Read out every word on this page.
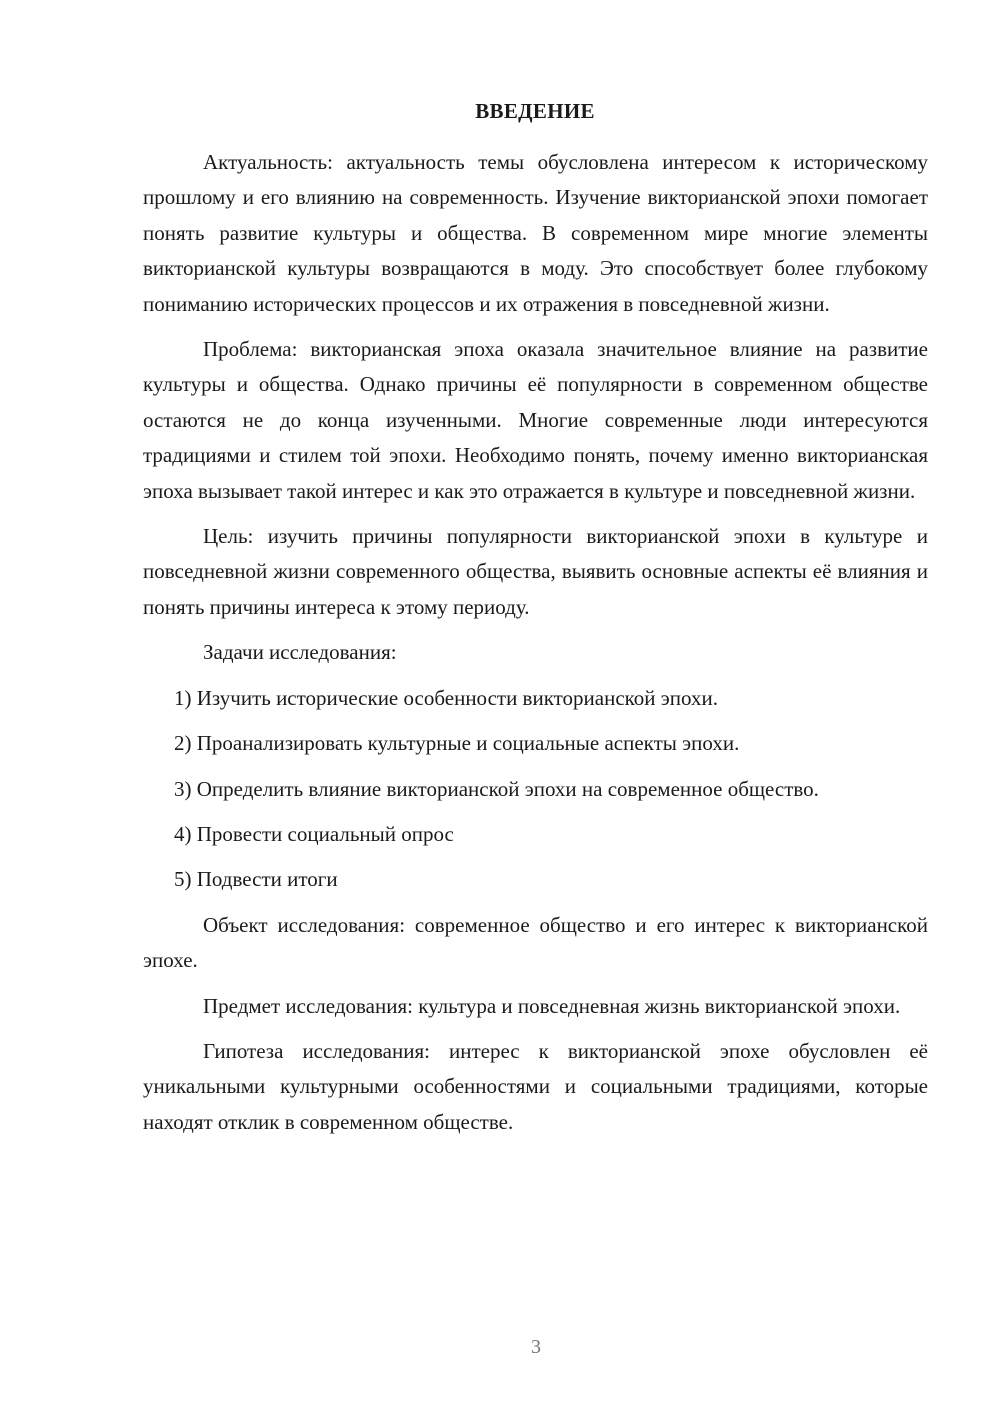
ВВЕДЕНИЕ

Актуальность: актуальность темы обусловлена интересом к историческому прошлому и его влиянию на современность. Изучение викторианской эпохи помогает понять развитие культуры и общества. В современном мире многие элементы викторианской культуры возвращаются в моду. Это способствует более глубокому пониманию исторических процессов и их отражения в повседневной жизни.

Проблема: викторианская эпоха оказала значительное влияние на развитие культуры и общества. Однако причины её популярности в современном обществе остаются не до конца изученными. Многие современные люди интересуются традициями и стилем той эпохи. Необходимо понять, почему именно викторианская эпоха вызывает такой интерес и как это отражается в культуре и повседневной жизни.

Цель: изучить причины популярности викторианской эпохи в культуре и повседневной жизни современного общества, выявить основные аспекты её влияния и понять причины интереса к этому периоду.

Задачи исследования:

1) Изучить исторические особенности викторианской эпохи.

2) Проанализировать культурные и социальные аспекты эпохи.

3) Определить влияние викторианской эпохи на современное общество.

4) Провести социальный опрос

5) Подвести итоги

Объект исследования: современное общество и его интерес к викторианской эпохе.

Предмет исследования: культура и повседневная жизнь викторианской эпохи.

Гипотеза исследования: интерес к викторианской эпохе обусловлен её уникальными культурными особенностями и социальными традициями, которые находят отклик в современном обществе.

3
